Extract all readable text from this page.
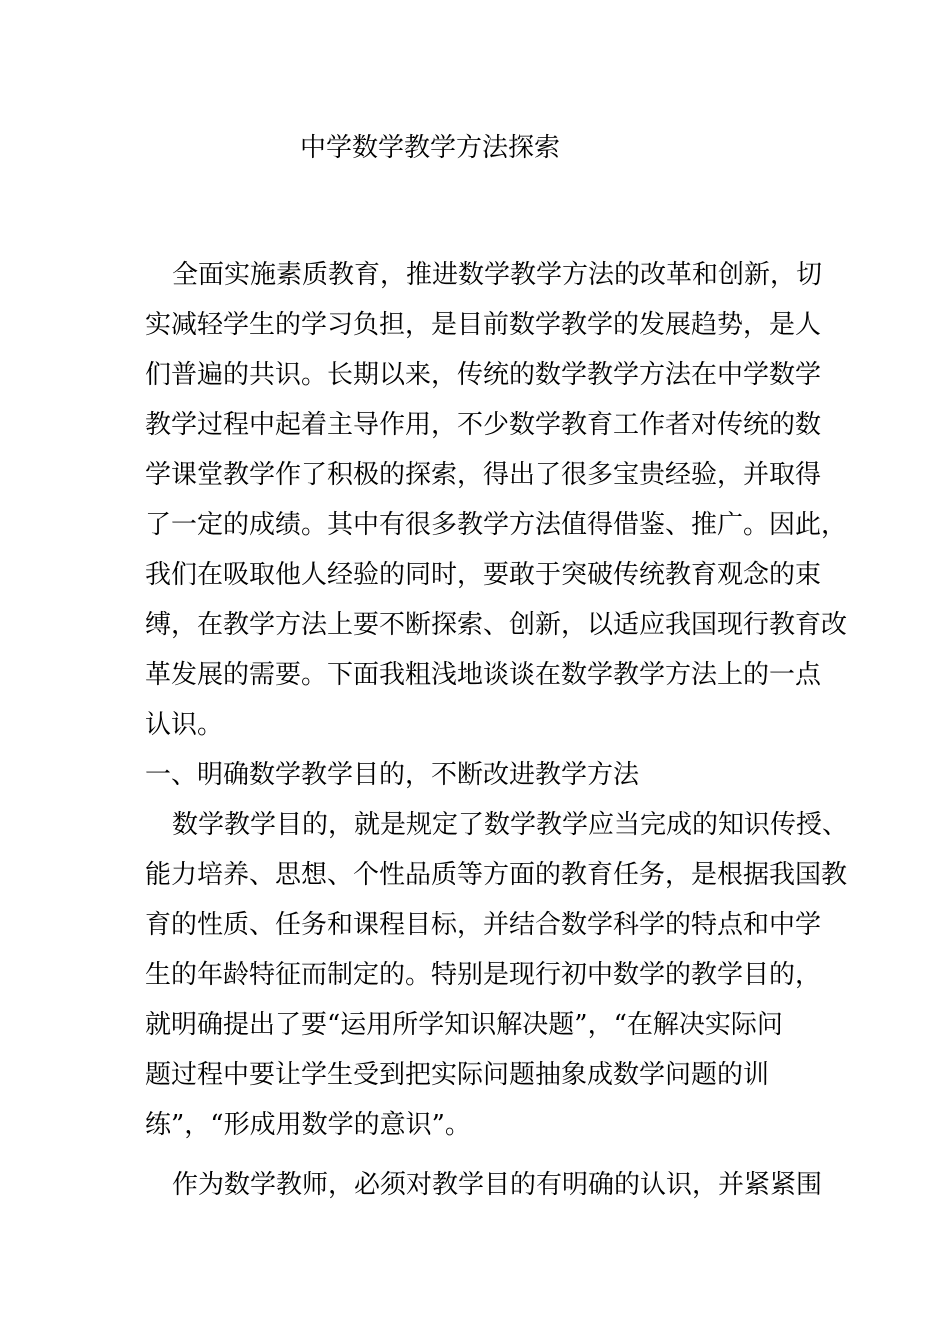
中学数学教学方法探索
全面实施素质教育，推进数学教学方法的改革和创新，切
实减轻学生的学习负担，是目前数学教学的发展趋势，是人
们普遍的共识。长期以来，传统的数学教学方法在中学数学
教学过程中起着主导作用，不少数学教育工作者对传统的数
学课堂教学作了积极的探索，得出了很多宝贵经验，并取得
了一定的成绩。其中有很多教学方法值得借鉴、推广。因此，
我们在吸取他人经验的同时，要敢于突破传统教育观念的束
缚，在教学方法上要不断探索、创新，以适应我国现行教育改
革发展的需要。下面我粗浅地谈谈在数学教学方法上的一点
认识。
一、明确数学教学目的，不断改进教学方法
数学教学目的，就是规定了数学教学应当完成的知识传授、
能力培养、思想、个性品质等方面的教育任务，是根据我国教
育的性质、任务和课程目标，并结合数学科学的特点和中学
生的年龄特征而制定的。特别是现行初中数学的教学目的，
就明确提出了要“运用所学知识解决题”，“在解决实际问
题过程中要让学生受到把实际问题抽象成数学问题的训
练”，“形成用数学的意识”。
作为数学教师，必须对教学目的有明确的认识，并紧紧围
